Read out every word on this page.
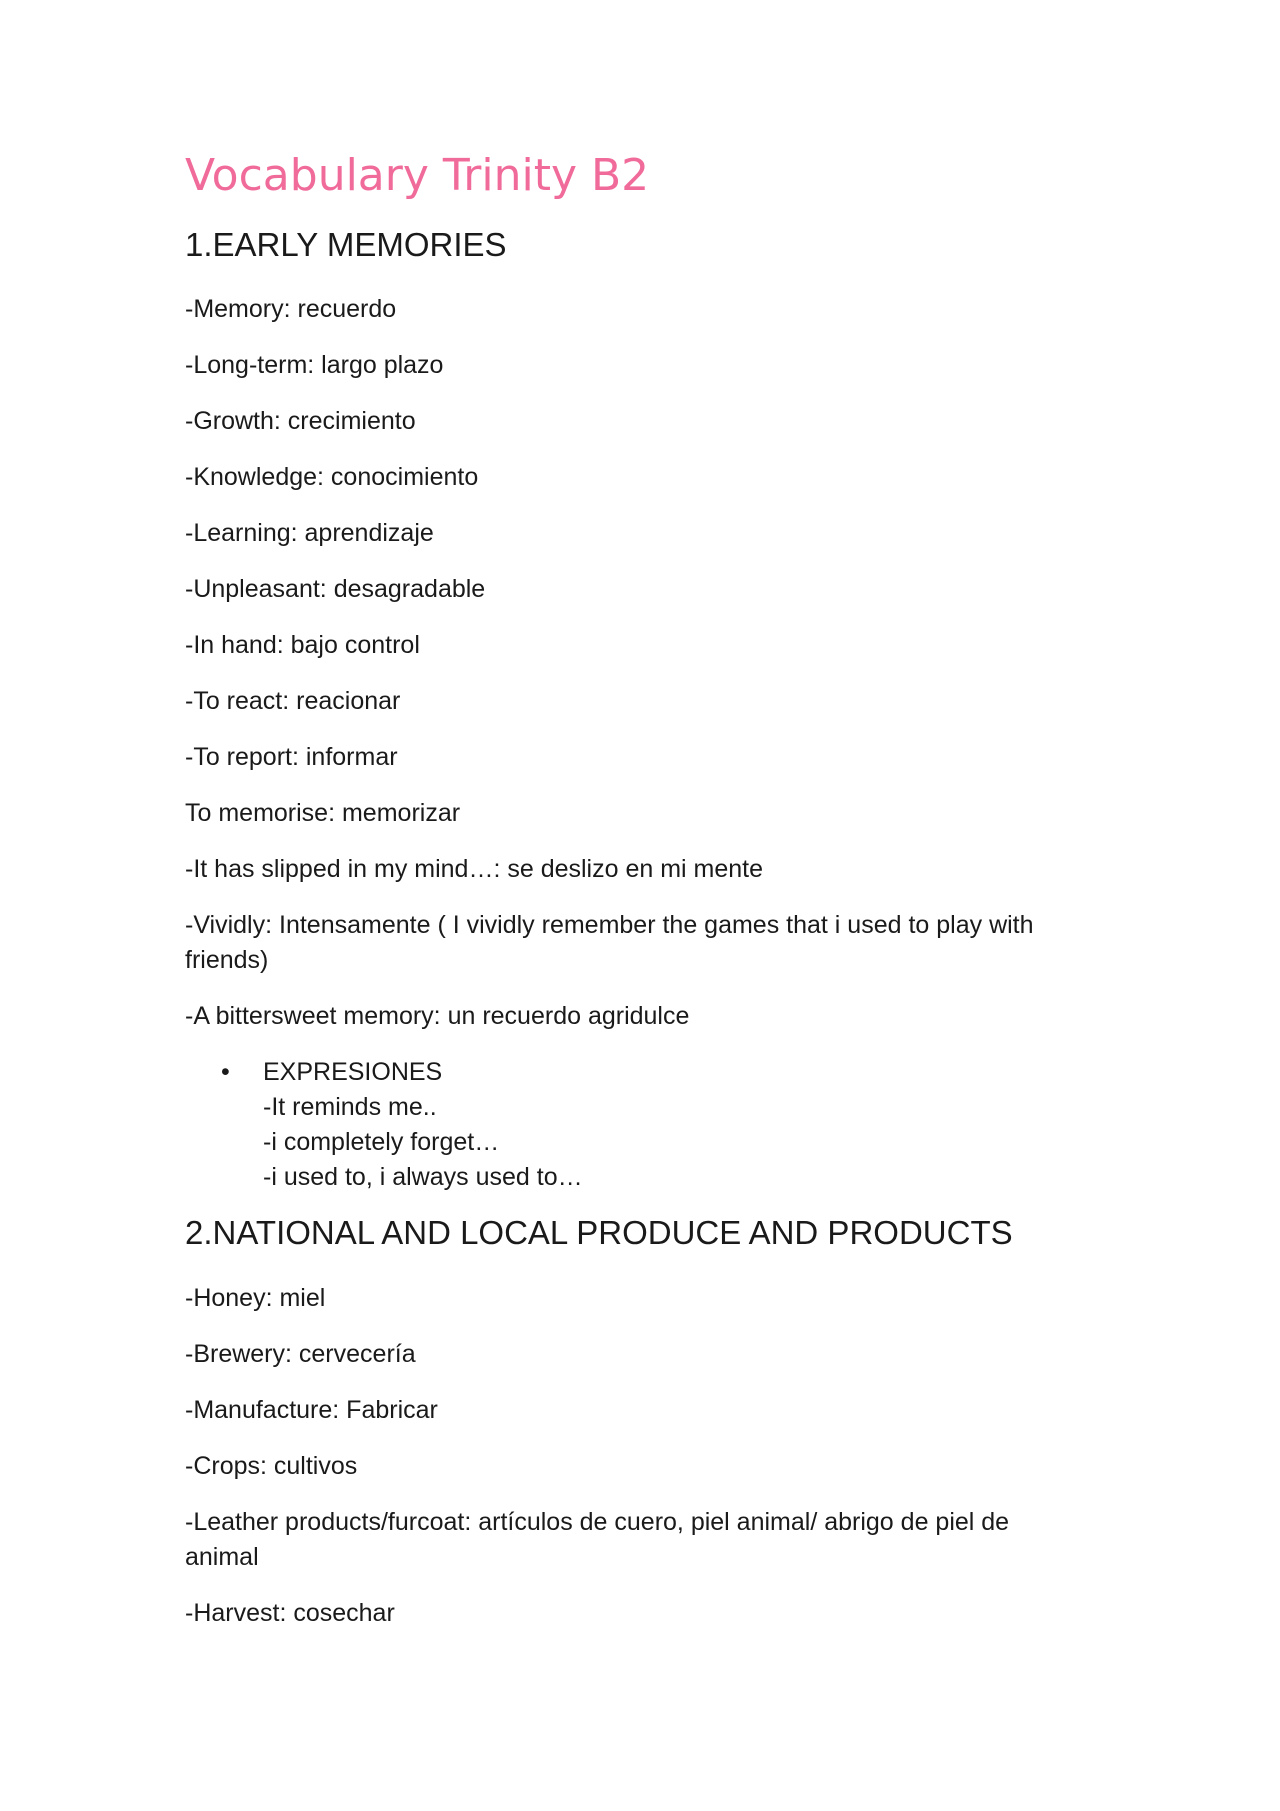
Vocabulary Trinity B2
1.EARLY MEMORIES
-Memory: recuerdo
-Long-term: largo plazo
-Growth: crecimiento
-Knowledge: conocimiento
-Learning: aprendizaje
-Unpleasant: desagradable
-In hand: bajo control
-To react: reacionar
-To report: informar
To memorise: memorizar
-It has slipped in my mind…: se deslizo en mi mente
-Vividly: Intensamente ( I vividly remember the games that i used to play with friends)
-A bittersweet memory: un recuerdo agridulce
• EXPRESIONES
-It reminds me..
-i completely forget…
-i used to, i always used to…
2.NATIONAL AND LOCAL PRODUCE AND PRODUCTS
-Honey: miel
-Brewery: cervecería
-Manufacture: Fabricar
-Crops: cultivos
-Leather products/furcoat: artículos de cuero, piel animal/ abrigo de piel de animal
-Harvest: cosechar
